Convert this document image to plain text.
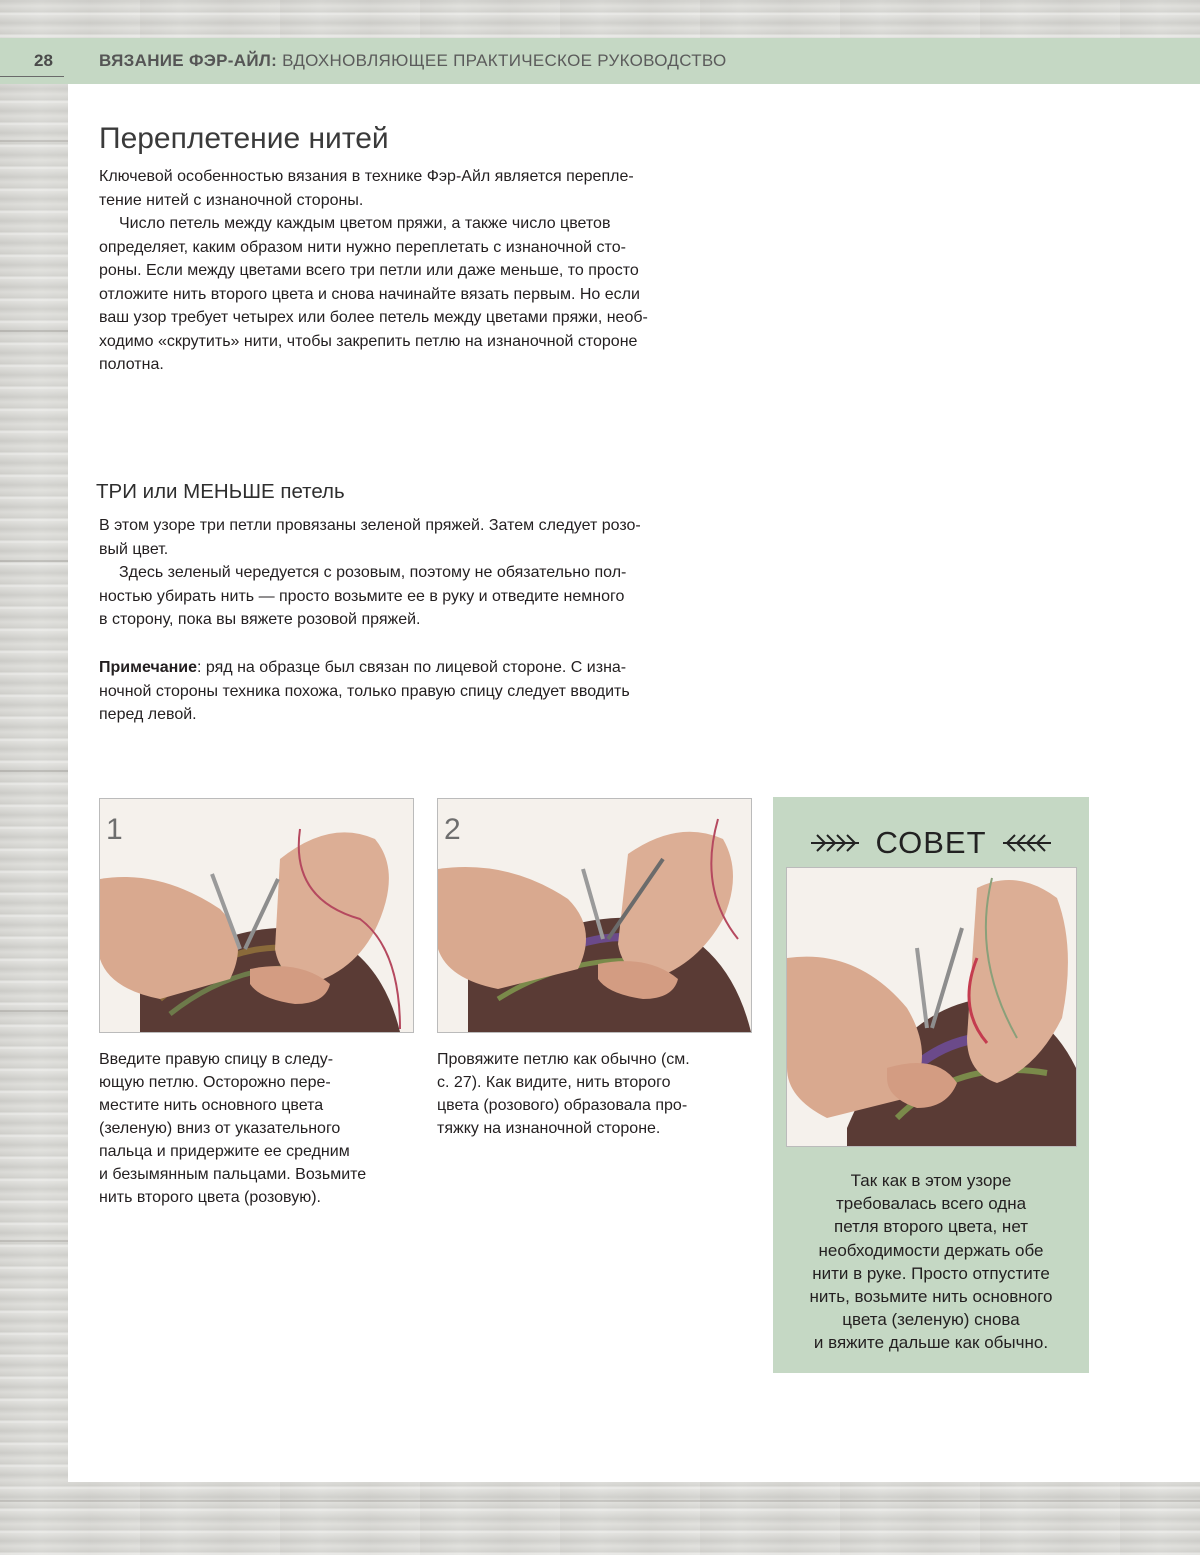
28	ВЯЗАНИЕ ФЭР-АЙЛ: ВДОХНОВЛЯЮЩЕЕ ПРАКТИЧЕСКОЕ РУКОВОДСТВО
Переплетение нитей

Ключевой особенностью вязания в технике Фэр-Айл является перепле-
тение нитей с изнаночной стороны.

Число петель между каждым цветом пряжи, а также число цветов
определяет, каким образом нити нужно переплетать с изнаночной сто-
роны. Если между цветами всего три петли или даже меньше, то просто
отложите нить второго цвета и снова начинайте вязать первым. Но если
ваш узор требует четырех или более петель между цветами пряжи, необ-
ходимо «скрутить» нити, чтобы закрепить петлю на изнаночной стороне
полотна.

ТРИ или МЕНЬШЕ петель

В этом узоре три петли провязаны зеленой пряжей. Затем следует розо-
вый цвет.

Здесь зеленый чередуется с розовым, поэтому не обязательно пол-
ностью убирать нить — просто возьмите ее в руку и отведите немного
в сторону, пока вы вяжете розовой пряжей.

Примечание: ряд на образце был связан по лицевой стороне. С изна-
ночной стороны техника похожа, только правую спицу следует вводить
перед левой.

1	2
Введите правую спицу в следу-
ющую петлю. Осторожно пере-
местите нить основного цвета
(зеленую) вниз от указательного
пальца и придержите ее средним
и безымянным пальцами. Возьмите
нить второго цвета (розовую).
Провяжите петлю как обычно (см.
с. 27). Как видите, нить второго
цвета (розового) образовала про-
тяжку на изнаночной стороне.
СОВЕТ
Так как в этом узоре
требовалась всего одна
петля второго цвета, нет
необходимости держать обе
нити в руке. Просто отпустите
нить, возьмите нить основного
цвета (зеленую) снова
и вяжите дальше как обычно.
